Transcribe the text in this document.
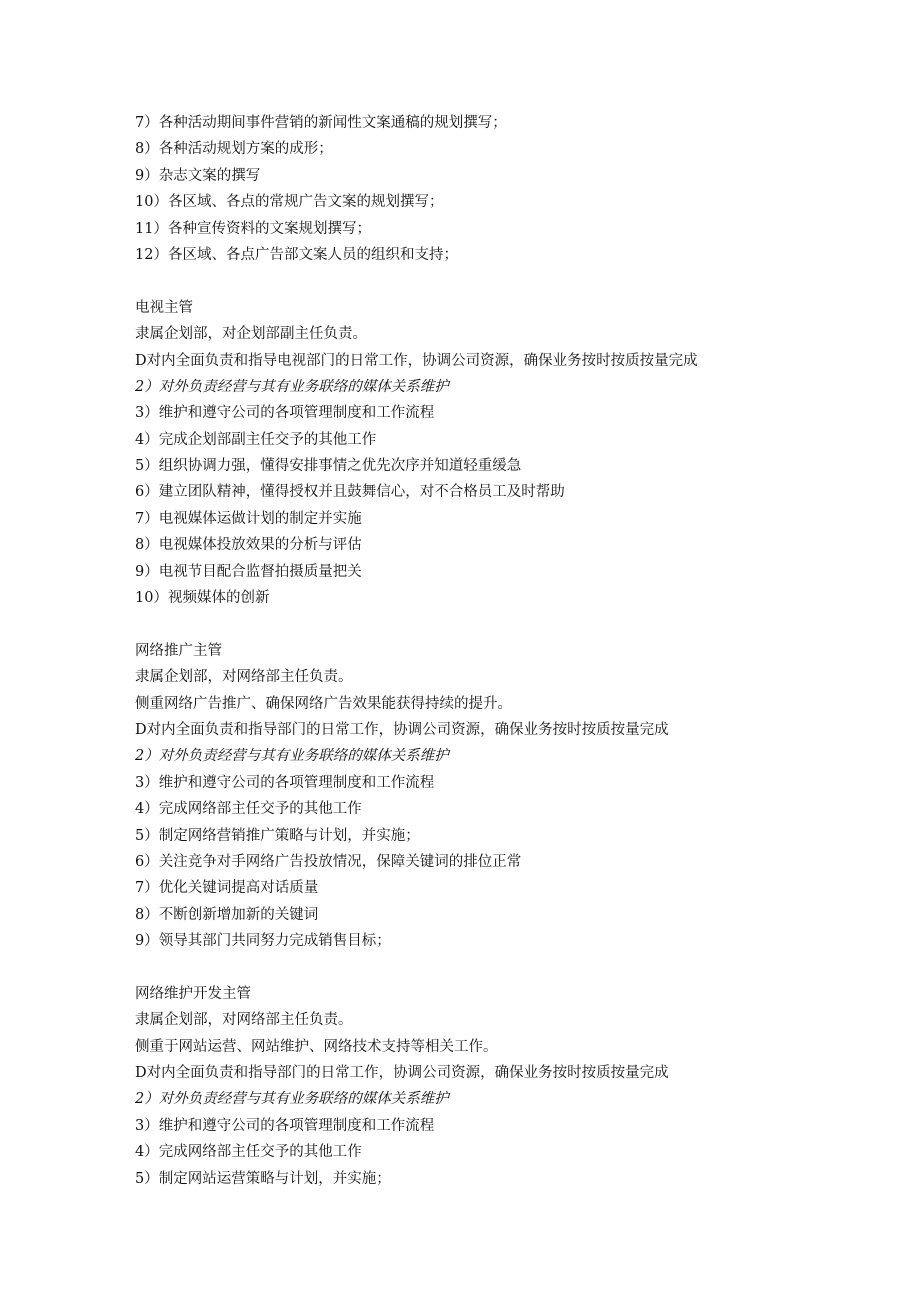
7）各种活动期间事件营销的新闻性文案通稿的规划撰写；
8）各种活动规划方案的成形；
9）杂志文案的撰写
10）各区域、各点的常规广告文案的规划撰写；
11）各种宣传资料的文案规划撰写；
12）各区域、各点广告部文案人员的组织和支持；
电视主管
隶属企划部，对企划部副主任负责。
D对内全面负责和指导电视部门的日常工作，协调公司资源，确保业务按时按质按量完成
2）对外负责经营与其有业务联络的媒体关系维护
3）维护和遵守公司的各项管理制度和工作流程
4）完成企划部副主任交予的其他工作
5）组织协调力强，懂得安排事情之优先次序并知道轻重缓急
6）建立团队精神，懂得授权并且鼓舞信心，对不合格员工及时帮助
7）电视媒体运做计划的制定并实施
8）电视媒体投放效果的分析与评估
9）电视节目配合监督拍摄质量把关
10）视频媒体的创新
网络推广主管
隶属企划部，对网络部主任负责。
侧重网络广告推广、确保网络广告效果能获得持续的提升。
D对内全面负责和指导部门的日常工作，协调公司资源，确保业务按时按质按量完成
2）对外负责经营与其有业务联络的媒体关系维护
3）维护和遵守公司的各项管理制度和工作流程
4）完成网络部主任交予的其他工作
5）制定网络营销推广策略与计划，并实施；
6）关注竞争对手网络广告投放情况，保障关键词的排位正常
7）优化关键词提高对话质量
8）不断创新增加新的关键词
9）领导其部门共同努力完成销售目标；
网络维护开发主管
隶属企划部，对网络部主任负责。
侧重于网站运营、网站维护、网络技术支持等相关工作。
D对内全面负责和指导部门的日常工作，协调公司资源，确保业务按时按质按量完成
2）对外负责经营与其有业务联络的媒体关系维护
3）维护和遵守公司的各项管理制度和工作流程
4）完成网络部主任交予的其他工作
5）制定网站运营策略与计划，并实施；
